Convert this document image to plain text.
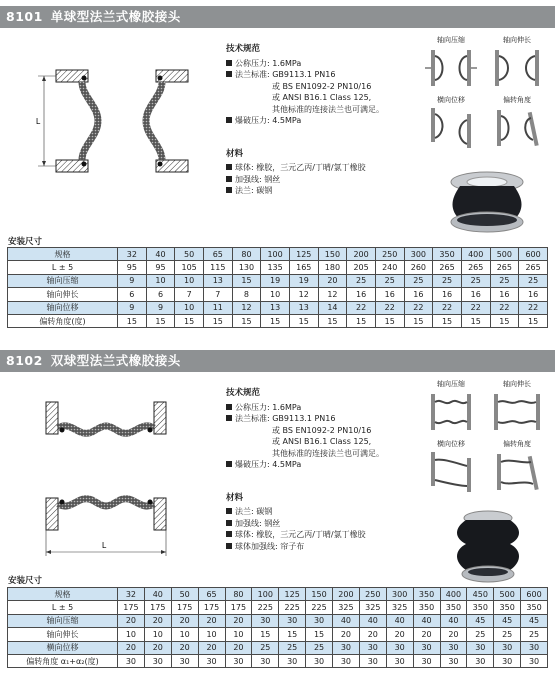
8101 单球型法兰式橡胶接头
L
技术规范
公称压力: 1.6MPa
法兰标准: GB9113.1 PN16
或 BS EN1092-2 PN10/16
或 ANSI B16.1 Class 125,
其他标准的连接法兰也可满足。
爆破压力: 4.5MPa
材料
球体: 橡胶，三元乙丙/丁晴/氯丁橡胶
加强线: 钢丝
法兰: 碳钢
轴向压缩	轴向伸长
横向位移	偏转角度
安装尺寸
规格	32	40	50	65	80	100	125	150	200	250	300	350	400	500	600
L ± 5	95	95	105	115	130	135	165	180	205	240	260	265	265	265	265
轴向压缩	9	10	10	13	15	19	19	20	25	25	25	25	25	25	25
轴向伸长	6	6	7	7	8	10	12	12	16	16	16	16	16	16	16
轴向位移	9	9	10	11	12	13	13	14	22	22	22	22	22	22	22
偏转角度(度)	15	15	15	15	15	15	15	15	15	15	15	15	15	15	15
8102 双球型法兰式橡胶接头
L
技术规范
公称压力: 1.6MPa
法兰标准: GB9113.1 PN16
或 BS EN1092-2 PN10/16
或 ANSI B16.1 Class 125,
其他标准的连接法兰也可满足。
爆破压力: 4.5MPa
材料
法兰: 碳钢
加强线: 钢丝
球体: 橡胶，三元乙丙/丁晴/氯丁橡胶
球体加强线: 帘子布
轴向压缩	轴向伸长
横向位移	偏转角度
安装尺寸
规格	32	40	50	65	80	100	125	150	200	250	300	350	400	450	500	600
L ± 5	175	175	175	175	175	225	225	225	325	325	325	350	350	350	350	350
轴向压缩	20	20	20	20	20	30	30	30	40	40	40	40	40	45	45	45
轴向伸长	10	10	10	10	10	15	15	15	20	20	20	20	20	25	25	25
横向位移	20	20	20	20	20	25	25	25	30	30	30	30	30	30	30	30
偏转角度 α₁+α₂(度)	30	30	30	30	30	30	30	30	30	30	30	30	30	30	30	30
